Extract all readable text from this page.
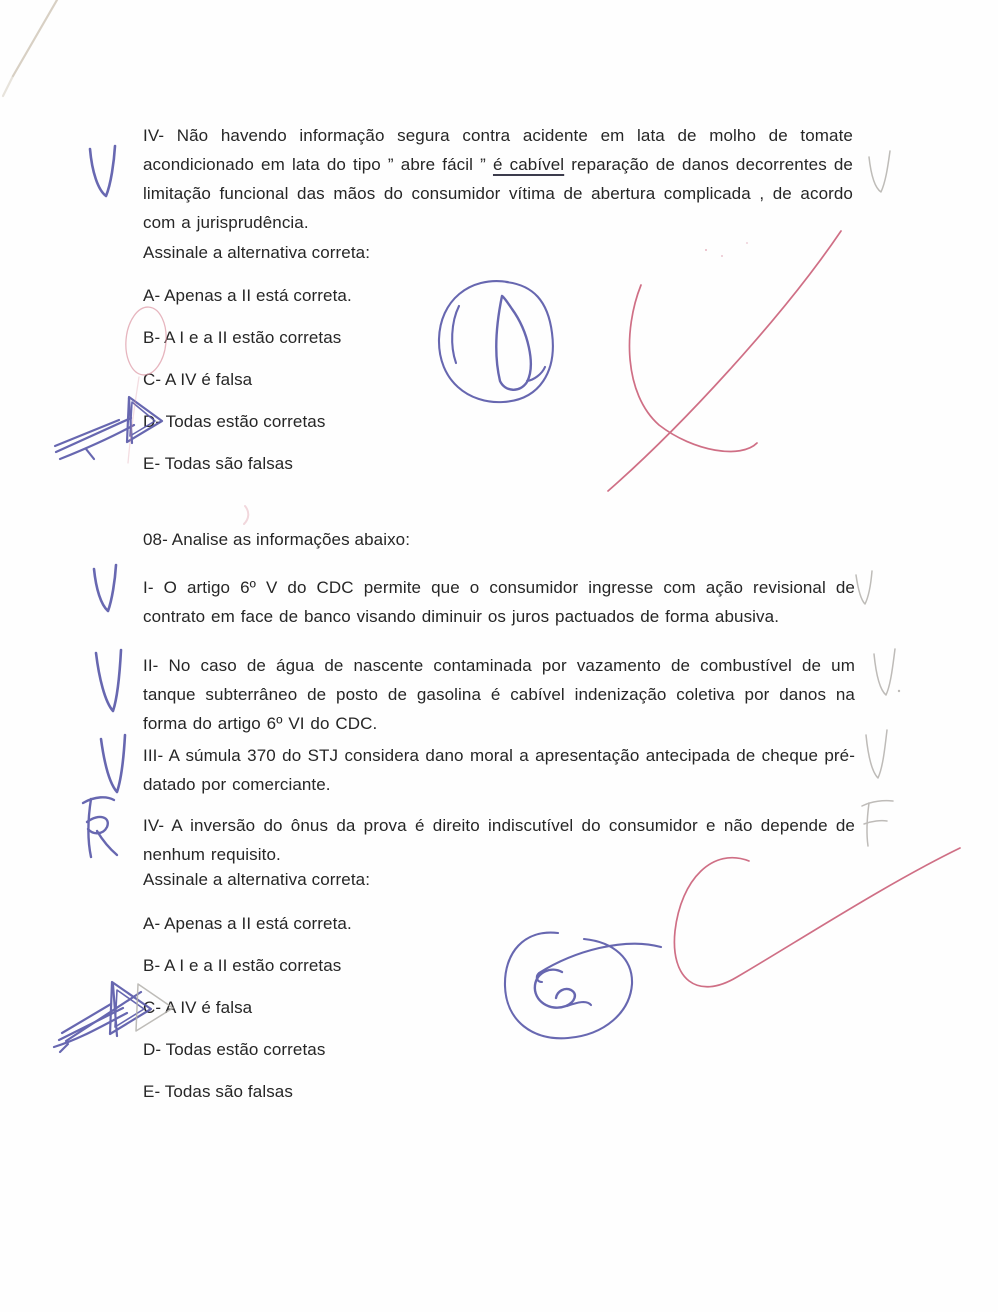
IV- Não havendo informação segura contra acidente em lata de molho de tomate acondicionado em lata do tipo ” abre fácil ” é cabível reparação de danos decorrentes de limitação funcional das mãos do consumidor vítima de abertura complicada , de acordo com a jurisprudência.

Assinale a alternativa correta:
A- Apenas a II está correta.
B- A I e a II estão corretas
C- A IV é falsa
D- Todas estão corretas
E- Todas são falsas
08- Analise as informações abaixo:

I- O artigo 6º V do CDC permite que o consumidor ingresse com ação revisional de contrato em face de banco visando diminuir os juros pactuados de forma abusiva.

II- No caso de água de nascente contaminada por vazamento de combustível de um tanque subterrâneo de posto de gasolina é cabível indenização coletiva por danos na forma do artigo 6º VI do CDC.

III- A súmula 370 do STJ considera dano moral a apresentação antecipada de cheque pré-datado por comerciante.

IV- A inversão do ônus da prova é direito indiscutível do consumidor e não depende de nenhum requisito.

Assinale a alternativa correta:
A- Apenas a II está correta.
B- A I e a II estão corretas
C- A IV é falsa
D- Todas estão corretas
E- Todas são falsas
